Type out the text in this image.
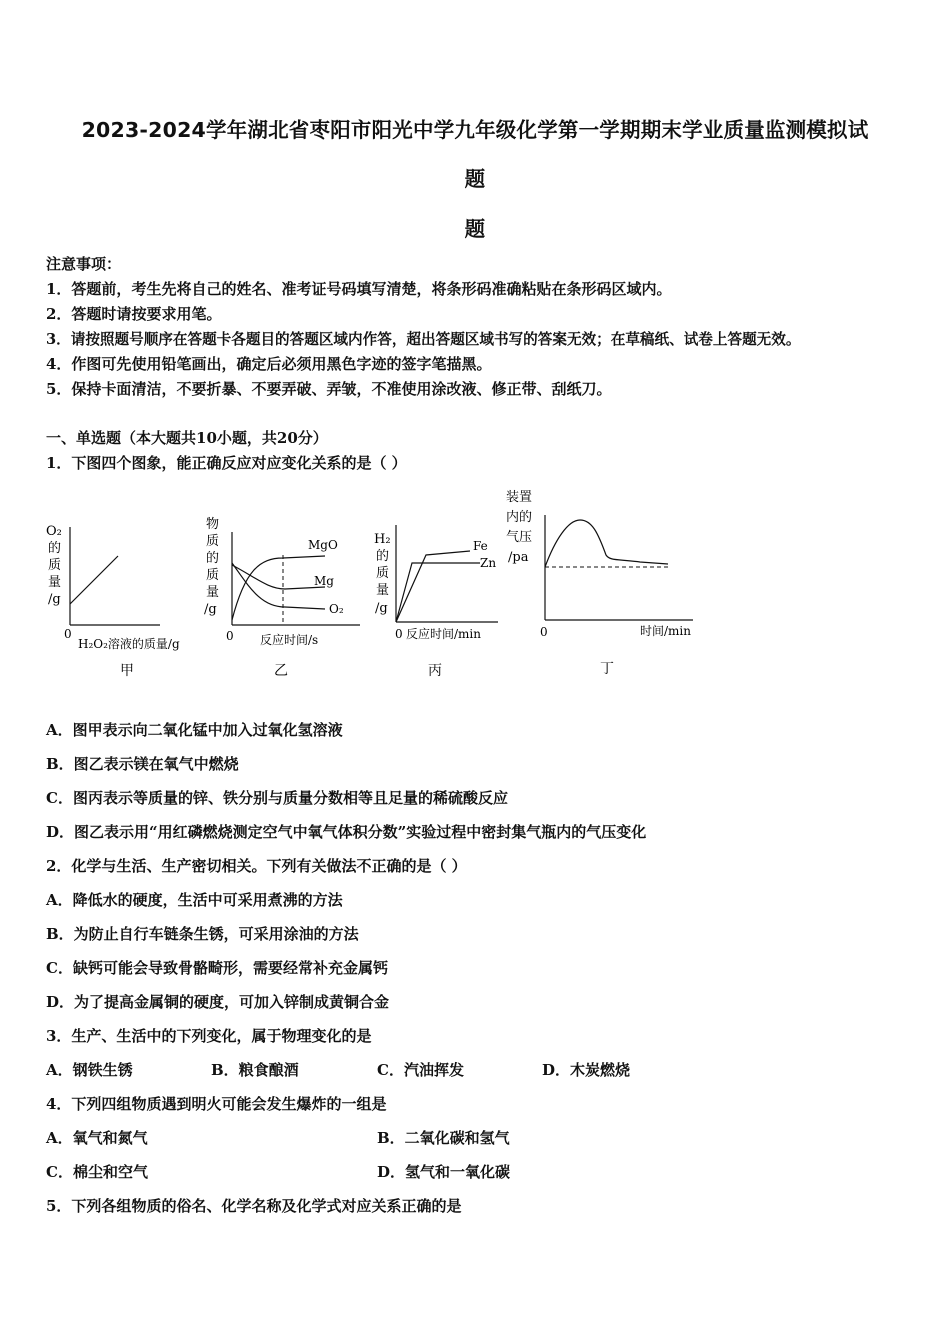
2023-2024学年湖北省枣阳市阳光中学九年级化学第一学期期末学业质量监测模拟试
题
题
注意事项：
1．答题前，考生先将自己的姓名、准考证号码填写清楚，将条形码准确粘贴在条形码区域内。
2．答题时请按要求用笔。
3．请按照题号顺序在答题卡各题目的答题区域内作答，超出答题区域书写的答案无效；在草稿纸、试卷上答题无效。
4．作图可先使用铅笔画出，确定后必须用黑色字迹的签字笔描黑。
5．保持卡面清洁，不要折暴、不要弄破、弄皱，不准使用涂改液、修正带、刮纸刀。
一、单选题（本大题共10小题，共20分）
1．下图四个图象，能正确反应对应变化关系的是（ ）
O₂
的
质
量
/g
0
H₂O₂溶液的质量/g
甲
物
质
的
质
量
/g
MgO
Mg
O₂
0 反应时间/s
乙
H₂
的
质
量
/g
Fe
Zn
0 反应时间/min
丙
装置
内的
气压
/pa
0	时间/min
丁
A．图甲表示向二氧化锰中加入过氧化氢溶液
B．图乙表示镁在氧气中燃烧
C．图丙表示等质量的锌、铁分别与质量分数相等且足量的稀硫酸反应
D．图乙表示用“用红磷燃烧测定空气中氧气体积分数”实验过程中密封集气瓶内的气压变化
2．化学与生活、生产密切相关。下列有关做法不正确的是（ ）
A．降低水的硬度，生活中可采用煮沸的方法
B．为防止自行车链条生锈，可采用涂油的方法
C．缺钙可能会导致骨骼畸形，需要经常补充金属钙
D．为了提高金属铜的硬度，可加入锌制成黄铜合金
3．生产、生活中的下列变化，属于物理变化的是
A．钢铁生锈	B．粮食酿酒	C．汽油挥发	D．木炭燃烧
4．下列四组物质遇到明火可能会发生爆炸的一组是
A．氧气和氮气	B．二氧化碳和氢气
C．棉尘和空气	D．氢气和一氧化碳
5．下列各组物质的俗名、化学名称及化学式对应关系正确的是
